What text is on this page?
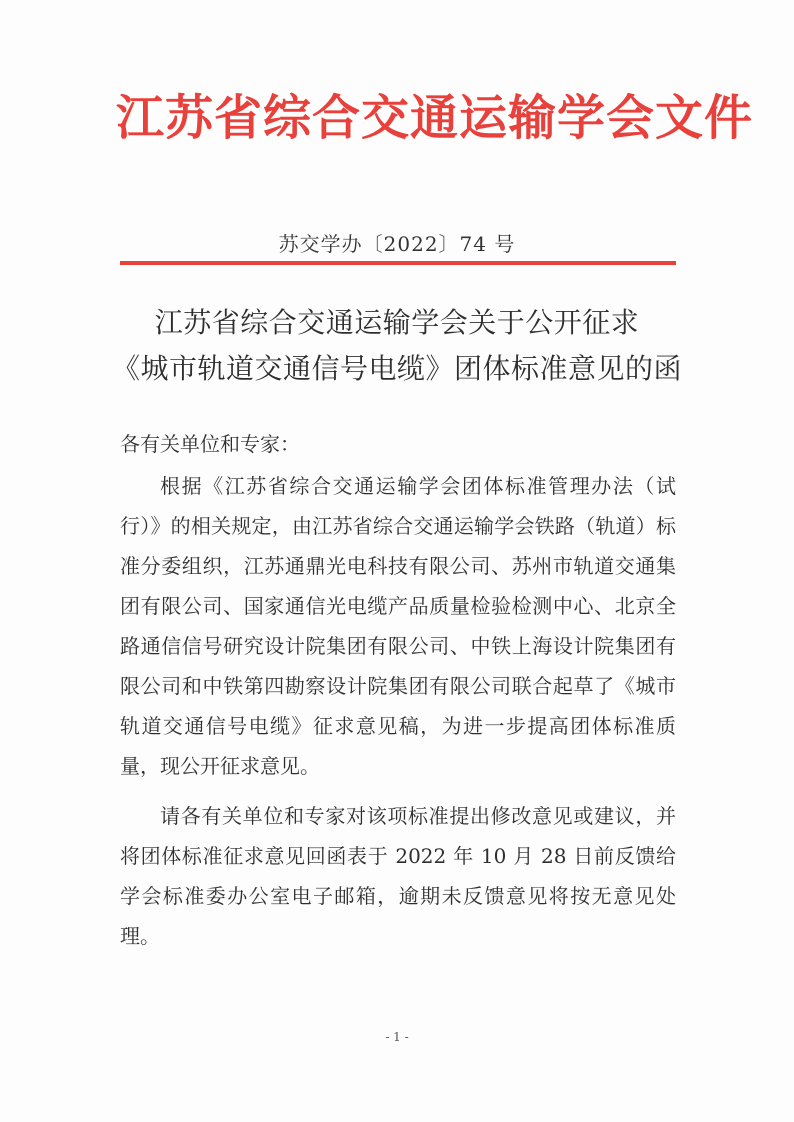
江苏省综合交通运输学会文件
苏交学办〔2022〕74 号
江苏省综合交通运输学会关于公开征求
《城市轨道交通信号电缆》团体标准意见的函
各有关单位和专家：
根据《江苏省综合交通运输学会团体标准管理办法（试行）》的相关规定，由江苏省综合交通运输学会铁路（轨道）标准分委组织，江苏通鼎光电科技有限公司、苏州市轨道交通集团有限公司、国家通信光电缆产品质量检验检测中心、北京全路通信信号研究设计院集团有限公司、中铁上海设计院集团有限公司和中铁第四勘察设计院集团有限公司联合起草了《城市轨道交通信号电缆》征求意见稿，为进一步提高团体标准质量，现公开征求意见。
请各有关单位和专家对该项标准提出修改意见或建议，并将团体标准征求意见回函表于 2022 年 10 月 28 日前反馈给学会标准委办公室电子邮箱，逾期未反馈意见将按无意见处理。
- 1 -
